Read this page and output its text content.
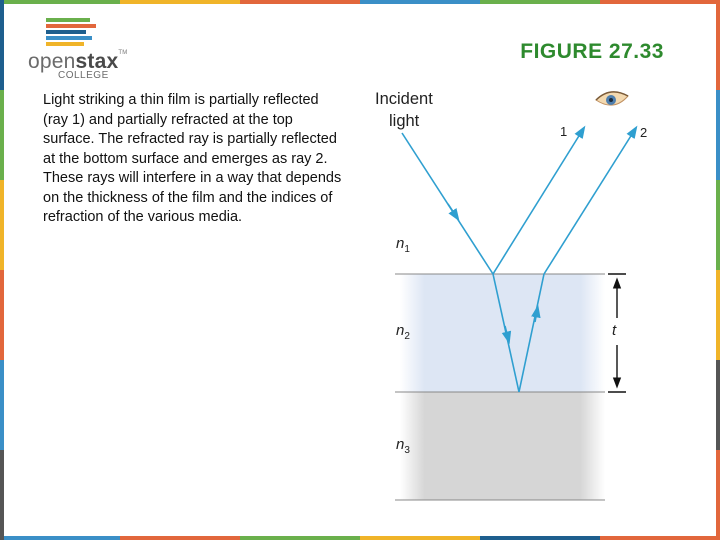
openstax™
COLLEGE
FIGURE 27.33
Light striking a thin film is partially reflected (ray 1) and partially refracted at the top surface. The refracted ray is partially reflected at the bottom surface and emerges as ray 2. These rays will interfere in a way that depends on the thickness of the film and the indices of refraction of the various media.
Incident
light
1	2
$n_1$
$n_2$
$n_3$
t
